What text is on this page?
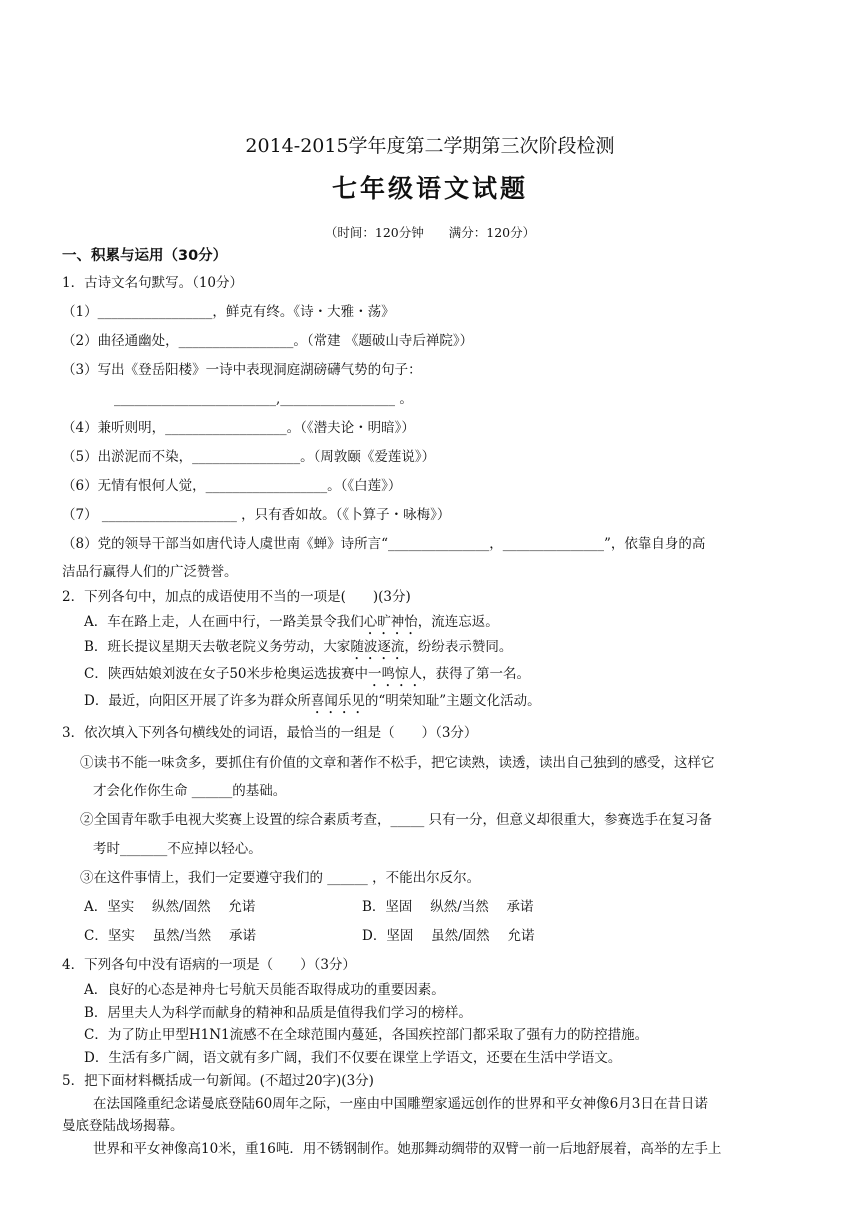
2014-2015学年度第二学期第三次阶段检测
七年级语文试题
（时间：120分钟　　满分：120分）
一、积累与运用（30分）
1．古诗文名句默写。（10分）
（1）_________________，鲜克有终。《诗・大雅・荡》
（2）曲径通幽处，_________________。（常建 《题破山寺后禅院》）
（3）写出《登岳阳楼》一诗中表现洞庭湖磅礴气势的句子：
________________________,_________________ 。
（4）兼听则明，__________________。（《潜夫论・明暗》）
（5）出淤泥而不染，________________。（周敦颐《爱莲说》）
（6）无情有恨何人觉，__________________。（《白莲》）
（7） ____________________ ，只有香如故。（《卜算子・咏梅》）
（8）党的领导干部当如唐代诗人虞世南《蝉》诗所言“_______________，_______________”，依靠自身的高
洁品行赢得人们的广泛赞誉。
2．下列各句中，加点的成语使用不当的一项是(　　)(3分)
A．车在路上走，人在画中行，一路美景令我们心旷神怡，流连忘返。
B．班长提议星期天去敬老院义务劳动，大家随波逐流，纷纷表示赞同。
C．陕西姑娘刘波在女子50米步枪奥运选拔赛中一鸣惊人，获得了第一名。
D．最近，向阳区开展了许多为群众所喜闻乐见的“明荣知耻”主题文化活动。
3．依次填入下列各句横线处的词语，最恰当的一组是（　　）（3分）
①读书不能一味贪多，要抓住有价值的文章和著作不松手，把它读熟，读透，读出自己独到的感受，这样它
才会化作你生命 ______的基础。
②全国青年歌手电视大奖赛上设置的综合素质考查，_____ 只有一分，但意义却很重大，参赛选手在复习备
考时_______不应掉以轻心。
③在这件事情上，我们一定要遵守我们的 ______ ，不能出尔反尔。
A．坚实　 纵然/固然　 允诺	B．坚固　 纵然/当然　 承诺
C．坚实　 虽然/当然　 承诺	D．坚固　 虽然/固然　 允诺
4．下列各句中没有语病的一项是（　　）（3分）
A．良好的心态是神舟七号航天员能否取得成功的重要因素。
B．居里夫人为科学而献身的精神和品质是值得我们学习的榜样。
C．为了防止甲型H1N1流感不在全球范围内蔓延，各国疾控部门都采取了强有力的防控措施。
D．生活有多广阔，语文就有多广阔，我们不仅要在课堂上学语文，还要在生活中学语文。
5．把下面材料概括成一句新闻。(不超过20字)(3分)
在法国隆重纪念诺曼底登陆60周年之际，一座由中国雕塑家遥远创作的世界和平女神像6月3日在昔日诺
曼底登陆战场揭幕。
世界和平女神像高10米，重16吨．用不锈钢制作。她那舞动绸带的双臂一前一后地舒展着，高举的左手上
